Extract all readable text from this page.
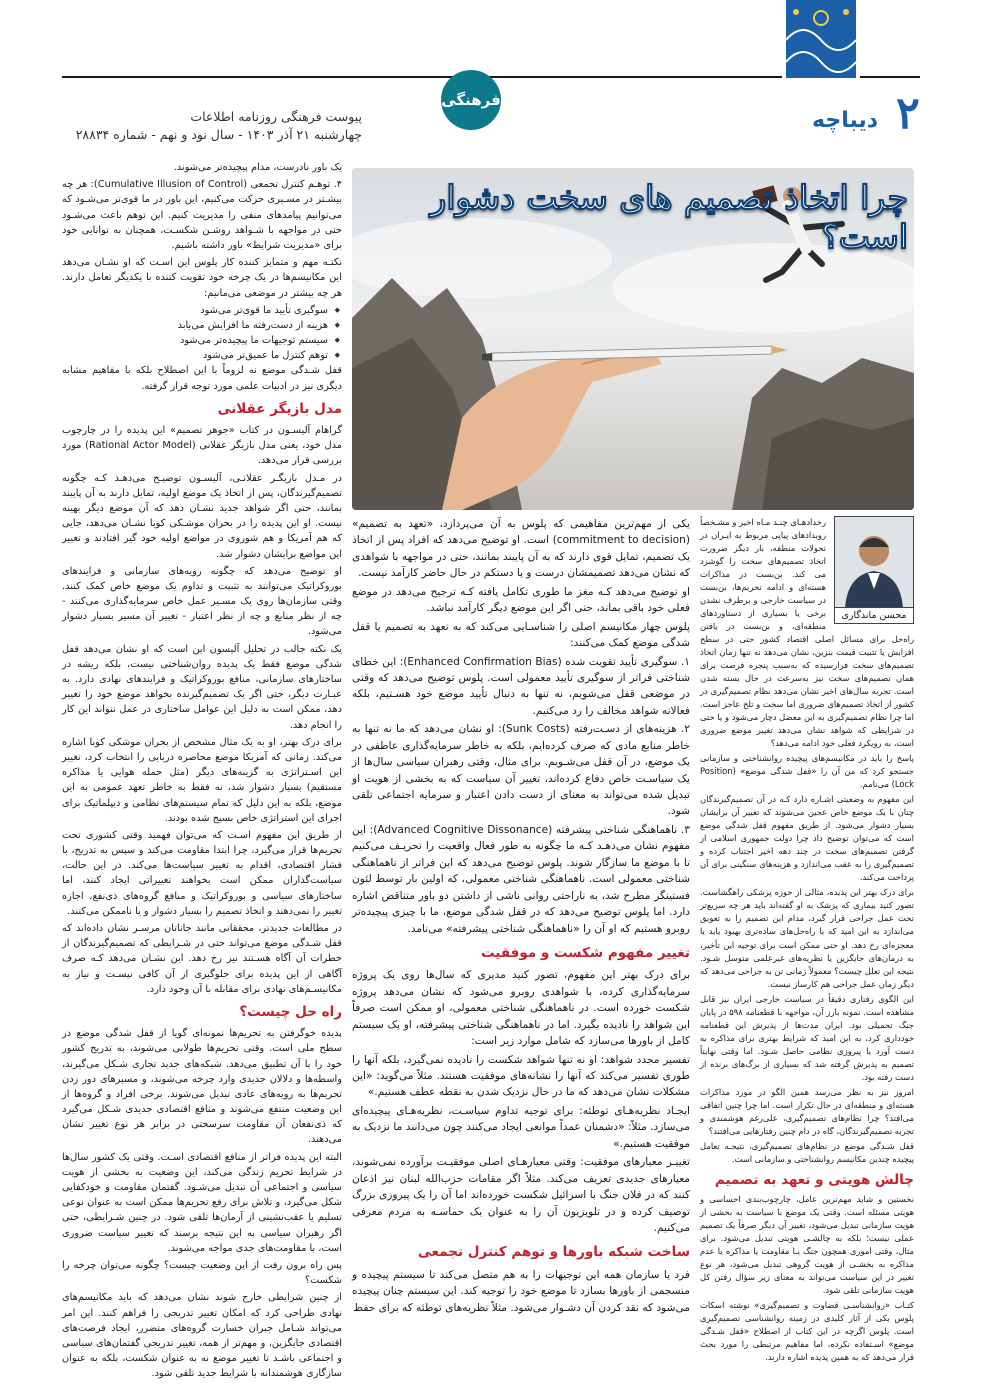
۲
دیباچه
فرهنگی
پیوست فرهنگی روزنامه اطلاعات
چهارشنبه ۲۱ آذر ۱۴۰۳ - سال نود و نهم - شماره ۲۸۸۳۴
چرا اتخاذ تصمیم های سخت دشوار است؟
محسن ماندگاری

رخدادهـای چنـد مـاه اخیر و مشـخصاً رویدادهای پیاپی مربوط به ایـران در تحولات منطقه، بار دیگر ضرورت اتخاذ تصمیم‌های سخت را گوشزد می کند. بن‌بست در مذاکرات هسته‌ای و ادامه تحریم‌ها، بن‌بست در سیاست خارجی و برطرف نشدن برخی یا بسیاری از دستاوردهای منطقه‌ای، و بن‌بست در یافتن راه‌حل برای مسائل اصلی اقتصاد کشور حتی در سطح افزایش یا تثبیت قیمت بنزین، نشان می‌دهد نه تنها زمان اتخاذ تصمیم‌های سخت فرارسیده که به‌سبب پنجره فرصت برای همان تصمیم‌های سخت نیز به‌سرعت در حال بسته شدن است. تجربه سال‌های اخیر نشان می‌دهد نظام تصمیم‌گیری در کشور از اتخاذ تصمیم‌های ضروری اما سخت و تلخ عاجز است. اما چرا نظام تصمیم‌گیری به این معضل دچار می‌شود و یا حتی در شرایطی که شواهد نشان می‌دهد تغییر موضع ضروری است، به رویکرد فعلی خود ادامه می‌دهد؟

پاسخ را باید در مکانیسم‌های پیچیده روانشناختی و سازمانی جستجو کرد که من آن را «قفل شدگی موضع» (Position Lock) می‌نامم.

این مفهوم به وضعیتی اشـاره دارد کـه در آن تصمیم‌گیرندگان چنان با یک موضع خاص عجین می‌شوند که تغییر آن برایشان بسیار دشوار می‌شود. از طریق مفهوم قفل شدگی موضع است که می‌توان توضیح داد چرا دولت جمهوری اسلامی از گرفتن تصمیم‌های سخت در چند دهه اخیر اجتناب کرده و تصمیم‌گیری را به عقب می‌اندازد و هزینه‌های سنگینی برای آن پرداخت می‌کند.

برای درک بهتر این پدیده، مثالی از حوزه پزشکی راهگشاست. تصور کنید بیماری که پزشک به او گفته‌اند باید هر چه سریع‌تر تحت عمل جراحی قرار گیرد، مدام این تصمیم را به تعویق می‌اندازد به این امید که با راه‌حل‌های ساده‌تری بهبود یابد یا معجزه‌ای رخ دهد. او حتی ممکن است برای توجیه این تأخیر، به درمان‌های جایگزین یا نظریه‌های غیرعلمی متوسل شـود. نتیجه این تعلل چیست؟ معمولاً زمانی تن به جراحی می‌دهد که دیگر زمان عمل جراحی هم کارساز نیست.

این الگوی رفتاری دقیقاً در سیاست خارجی ایران نیز قابل مشاهده است. نمونه بارز آن، مواجهه با قطعنامه ۵۹۸ در پایان جنگ تحمیلی بود. ایران مدت‌ها از پذیرش این قطعنامه خودداری کرد، به این امید که شرایط بهتری برای مذاکره به دست آورد یا پیروزی نظامی حاصل شـود. اما وقتی نهایتاً تصمیم به پذیرش گرفته شد که بسیاری از برگ‌های برنده از دست رفته بود.

امروز نیز به نظر می‌رسد همین الگو در مورد مذاکرات هسته‌ای و منطقه‌ای در حال تکرار است. اما چرا چنین اتفاقی می‌افتد؟ چرا نظام‌های تصمیم‌گیری، علی‌رغم هوشمندی و تجربه تصمیم‌گیرندگان، گاه در دام چنین رفتارهایی می‌افتند؟

قفل شـدگی موضع در نظام‌های تصمیم‌گیری، نتیجـه تعامل پیچیده چندین مکانیسم روانشناختی و سازمانی است.

چالش هویتی و تعهد به تصمیم

نخستین و شاید مهم‌ترین عامل، چارچوب‌بندی احساسی و هویتی مسئله است. وقتی یک موضع با سیاست به بخشی از هویت سازمانی تبدیل می‌شود، تغییر آن دیگر صرفاً یک تصمیم عملی نیست؛ بلکه به چالشـی هویتی تبدیل می‌شود. برای مثال، وقتی اموری همچون جنگ یـا مقاومت یا مذاکره یا عدم مذاکره به بخشـی از هویت گروهی تبدیل می‌شود، هر نوع تغییر در این سیاست می‌تواند به معنای زیر سؤال رفتن کل هویت سازمانی تلقی شود.

کتـاب «روانشناسـی قضاوت و تصمیم‌گیری» نوشته اسکات پلوس یکی از آثار کلیدی در زمینه روانشناسی تصمیم‌گیری است. پلوس اگرچه در این کتاب از اصطلاح «قفل شـدگی موضع» اسـتفاده نکرده، اما مفاهیم مرتبطی را مورد بحث قرار می‌دهد که به همین پدیده اشاره دارند.

یکی از مهم‌ترین مفاهیمی که پلوس به آن می‌پردازد، «تعهد به تصمیم» (commitment to decision) است. او توضیح می‌دهد که افراد پس از اتخاذ یک تصمیم، تمایل قوی دارند که به آن پایبند بمانند، حتی در مواجهه با شواهدی که نشان می‌دهد تصمیمشان درست و یا دستکم در حال حاضر کارآمد نیست.

او توضیح می‌دهد کـه مغز ما طوری تکامل یافته کـه ترجیح می‌دهد در موضع فعلی خود باقی بماند، حتی اگر این موضع دیگر کارآمد نباشد.

پلوس چهار مکانیسم اصلی را شناسـایی می‌کند که به تعهد به تصمیم یا قفل شدگی موضع کمک می‌کنند:

۱. سوگیری تأیید تقویت شده (Enhanced Confirmation Bias): این خطای شناختی فراتر از سوگیری تأیید معمولی است. پلوس توضیح می‌دهد که وقتی در موضعی قفل می‌شویم، نه تنها به دنبال تأیید موضع خود هسـتیم، بلکه فعالانه شواهد مخالف را رد می‌کنیم.

۲. هزینه‌های از دسـت‌رفته (Sunk Costs): او نشان می‌دهد که ما نه تنها به خاطر منابع مادی که صرف کرده‌ایم، بلکه به خاطر سرمایه‌گذاری عاطفی در یک موضع، در آن قفل می‌شـویم. برای مثال، وقتی رهبران سیاسی سال‌ها از یک سیاسـت خاص دفاع کرده‌اند، تغییر آن سیاست که به بخشی از هویت او تبدیل شده می‌تواند به معنای از دست دادن اعتبار و سرمایه اجتماعی تلقی شود.

۳. ناهماهنگی شناختی پیشرفته (Advanced Cognitive Dissonance): این مفهوم نشان می‌دهـد کـه ما چگونه به طور فعال واقعیت را تحریـف می‌کنیم تا با موضع ما سازگار شوند. پلوس توضیح می‌دهد که این فراتر از ناهماهنگی شناختی معمولی است. ناهماهنگی شناختی معمولی، که اولین بار توسط لئون فستینگر مطرح شد، به ناراحتی روانی ناشی از داشتن دو باور متناقض اشاره دارد. اما پلوس توضیح می‌دهد که در قفل شدگی موضع، ما با چیزی پیچیده‌تر روبرو هستیم که او آن را «ناهماهنگی شناختی پیشرفته» می‌نامد.

تغییر مفهوم شکست و موفقیت

برای درک بهتر این مفهوم، تصور کنید مدیری که سال‌ها روی یک پروژه سرمایه‌گذاری کرده، با شواهدی روبرو می‌شود که نشان می‌دهد پروژه شکست خورده است. در ناهماهنگی شناختی معمولی، او ممکن است صرفاً این شواهد را نادیده بگیرد. اما در ناهماهنگی شناختی پیشرفته، او یک سیستم کامل از باورها می‌سازد که شامل موارد زیر است:

تفسیر مجدد شواهد: او نه تنها شواهد شکست را نادیده نمی‌گیرد، بلکه آنها را طوری تفسیر می‌کند که آنها را نشانه‌های موفقیت هستند. مثلاً می‌گوید: «این مشکلات نشان می‌دهد که ما در حال نزدیک شدن به نقطه عطف هستیم.»

ایجـاد نظریه‌هـای توطئه: برای توجیه تداوم سیاسـت، نظریه‌هـای پیچیده‌ای می‌سازد. مثلاً: «دشمنان عمداً موانعی ایجاد می‌کنند چون می‌دانند ما نزدیک به موفقیت هستیم.»

تغییـر معیارهای موفقیت: وقتی معیارهـای اصلی موفقیـت برآورده نمی‌شوند، معیارهای جدیدی تعریف می‌کند. مثلاً اگر مقامات حزب‌الله لبنان نیز اذعان کنند که در فلان جنگ با اسرائیل شکست خورده‌اند اما آن را یک پیروزی بزرگ توصیف کرده و در تلویزیون آن را به عنوان یک حماسـه به مردم معرفی می‌کنیم.

ساخت شبکه باورها و توهم کنترل تجمعی

فرد یا سازمان همه این توجیهات را به هم متصل می‌کند تا سیستم پیچیده و منسجمی از باورها بسازد تا موضع خود را توجیه کند. این سیستم چنان پیچیده می‌شود که نقد کردن آن دشـوار می‌شود. مثلاً نظریه‌های توطئه که برای حفظ

یک باور نادرست، مدام پیچیده‌تر می‌شوند.

۴. توهـم کنترل تجمعی (Cumulative Illusion of Control): هر چه بیشـتر در مسـیری حرکت می‌کنیم، این باور در ما قوی‌تر می‌شـود که می‌توانیم پیامدهای منفی را مدیریت کنیم. این توهم باعث می‌شـود حتی در مواجهه با شـواهد روشـن شکسـت، همچنان به توانایی خود برای «مدیریت شرایط» باور داشته باشیم.

نکتـه مهم و متمایز کننده کار پلوس این اسـت که او نشـان می‌دهد این مکانیسم‌ها در یک چرخه خود تقویت کننده با یکدیگر تعامل دارند. هر چه بیشتر در موضعی می‌مانیم:

◆ سوگیری تأیید ما قوی‌تر می‌شود
◆ هزینه از دست‌رفته ما افزایش می‌یابد
◆ سیستم توجیهات ما پیچیده‌تر می‌شود
◆ توهم کنترل ما عمیق‌تر می‌شود

قفل شـدگی موضع نه لزوماً با این اصطلاح بلکه با مفاهیم مشابه دیگری نیز در ادبیات علمی مورد توجه قرار گرفته.

مدل بازیگر عقلانی

گراهام آلیسـون در کتاب «جوهر تصمیم» این پدیده را در چارچوب مدل خود، یعنی مدل بازیگر عقلانی (Rational Actor Model) مورد بررسی قرار می‌دهد.

در مـدل بازیگـر عقلانـی، آلیسـون توضیـح می‌دهـد کـه چگونه تصمیم‌گیرندگان، پس از اتخاذ یک موضع اولیه، تمایل دارند به آن پایبند بمانند، حتی اگر شواهد جدید نشـان دهد که آن موضع دیگر بهینه نیست. او این پدیده را در بحران موشـکی کوبا نشـان می‌دهد، جایی که هم آمریکا و هم شوروی در مواضع اولیه خود گیر افتادند و تغییر این مواضع برایشان دشوار شد.

او توضیح می‌دهد که چگونه رویه‌های سازمانی و فرایندهای بوروکراتیک می‌توانند به تثبیت و تداوم یک موضع خاص کمک کنند. وقتی سازمان‌ها روی یک مسـیر عمل خاص سرمایه‌گذاری می‌کنند - چه از نظر منابع و چه از نظر اعتبار - تغییر آن مسیر بسیار دشوار می‌شود.

یک نکته جالب در تحلیل آلیسون این است که او نشان می‌دهد قفل شدگی موضع فقط یک پدیده روان‌شناختی نیست، بلکه ریشه در ساختارهای سازمانی، منافع بوروکراتیک و فرایندهای نهادی دارد. به عبـارت دیگر، حتی اگر یک تصمیم‌گیرنده بخواهد موضع خود را تغییر دهد، ممکن است به دلیل این عوامل ساختاری در عمل نتواند این کار را انجام دهد.

برای درک بهتر، او به یک مثال مشخص از بحران موشکی کوبا اشاره می‌کند. زمانی که آمریکا موضع محاصره دریایی را انتخاب کرد، تغییر این اسـتراتژی به گزینه‌های دیگر (مثل حمله هوایی یا مذاکره مستقیم) بسیار دشوار شد، نه فقط به خاطر تعهد عمومی به این موضع، بلکه به این دلیل که تمام سیستم‌های نظامی و دیپلماتیک برای اجرای این استراتژی خاص بسیج شده بودند.

از طریق این مفهوم اسـت که می‌توان فهمید وقتی کشوری تحت تحریم‌ها قرار می‌گیرد، چرا ابتدا مقاومت می‌کند و سپس به تدریج، با فشار اقتصادی، اقدام به تغییر سیاست‌ها می‌کند. در این حالت، سیاست‌گذاران ممکن است بخواهند تغییراتی ایجاد کنند، اما ساختارهای سیاسی و بوروکراتیک و منافع گروه‌های ذی‌نفع، اجازه تغییر را نمی‌دهند و اتخاذ تصمیم را بسیار دشوار و یا ناممکن می‌کنند.

در مطالعات جدیدتر، محققانی مانند جاناتان مرسـر نشان داده‌اند که قفل شـدگی موضع می‌تواند حتی در شـرایطی که تصمیم‌گیرندگان از خطرات آن آگاه هسـتند نیز رخ دهد. این نشـان می‌دهد کـه صرف آگاهی از این پدیده برای جلوگیری از آن کافی نیسـت و نیاز به مکانیسـم‌های نهادی برای مقابله با آن وجود دارد.

راه حل چیست؟

پدیده خوگرفتن به تحریم‌ها نمونه‌ای گویا از قفل شدگی موضع در سطح ملی است. وقتی تحریم‌ها طولانی می‌شوند، به تدریج کشور خود را با آن تطبیق می‌دهد. شبکه‌های جدید تجاری شـکل می‌گیرند، واسطه‌ها و دلالان جدیدی وارد چرخه می‌شوند، و مسیرهای دور زدن تحریم‌ها به رویه‌های عادی تبدیل می‌شوند. برخی افراد و گروه‌ها از این وضعیت منتفع می‌شوند و منافع اقتصادی جدیدی شـکل می‌گیرد که ذی‌نفعان آن مقاومت سرسختی در برابر هر نوع تغییر نشان می‌دهند.

البته این پدیده فراتر از منافع اقتصادی اسـت. وقتی یک کشور سال‌ها در شرایط تحریم زندگی می‌کند، این وضعیت به بخشی از هویت سیاسی و اجتماعی آن تبدیل می‌شـود. گفتمان مقاومت و خودکفایی شکل می‌گیرد، و تلاش برای رفع تحریم‌ها ممکن است به عنوان نوعی تسلیم یا عقب‌نشینی از آرمان‌ها تلقی شود. در چنین شـرایطی، حتی اگر رهبران سیاسی به این نتیجه برسند که تغییر سیاست ضروری است، با مقاومت‌های جدی مواجه می‌شوند.

پس راه برون رفت از این وضعیت چیست؟ چگونه می‌توان چرخه را شکست؟

از چنین شرایطی خارج شوند نشان می‌دهد که باید مکانیسم‌های نهادی طراحی کرد که امکان تغییر تدریجی را فراهم کنند. این امر می‌تواند شـامل جبران خسارت گروه‌های متضرر، ایجاد فرصت‌های اقتصادی جایگزین، و مهم‌تر از همه، تغییر تدریجی گفتمان‌های سیاسی و اجتماعی باشـد تا تغییر موضع نه به عنوان شکست، بلکه به عنوان سازگاری هوشمندانه با شرایط جدید تلقی شود.
